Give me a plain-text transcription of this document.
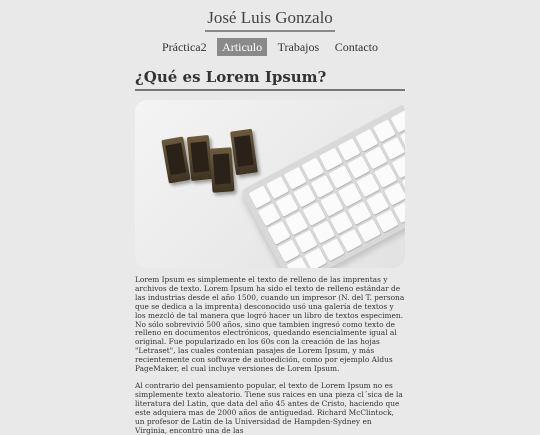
José Luis Gonzalo
Práctica2 Articulo Trabajos Contacto
¿Qué es Lorem Ipsum?

Lorem Ipsum es simplemente el texto de relleno de las imprentas y archivos de texto. Lorem Ipsum ha sido el texto de relleno estándar de las industrias desde el año 1500, cuando un impresor (N. del T. persona que se dedica a la imprenta) desconocido usó una galería de textos y los mezcló de tal manera que logró hacer un libro de textos especimen. No sólo sobrevivió 500 años, sino que tambien ingresó como texto de relleno en documentos electrónicos, quedando esencialmente igual al original. Fue popularizado en los 60s con la creación de las hojas "Letraset", las cuales contenian pasajes de Lorem Ipsum, y más recientemente con software de autoedición, como por ejemplo Aldus PageMaker, el cual incluye versiones de Lorem Ipsum.

Al contrario del pensamiento popular, el texto de Lorem Ipsum no es simplemente texto aleatorio. Tiene sus raices en una pieza cl´sica de la literatura del Latin, que data del año 45 antes de Cristo, haciendo que este adquiera mas de 2000 años de antiguedad. Richard McClintock, un profesor de Latin de la Universidad de Hampden-Sydney en Virginia, encontró una de las
